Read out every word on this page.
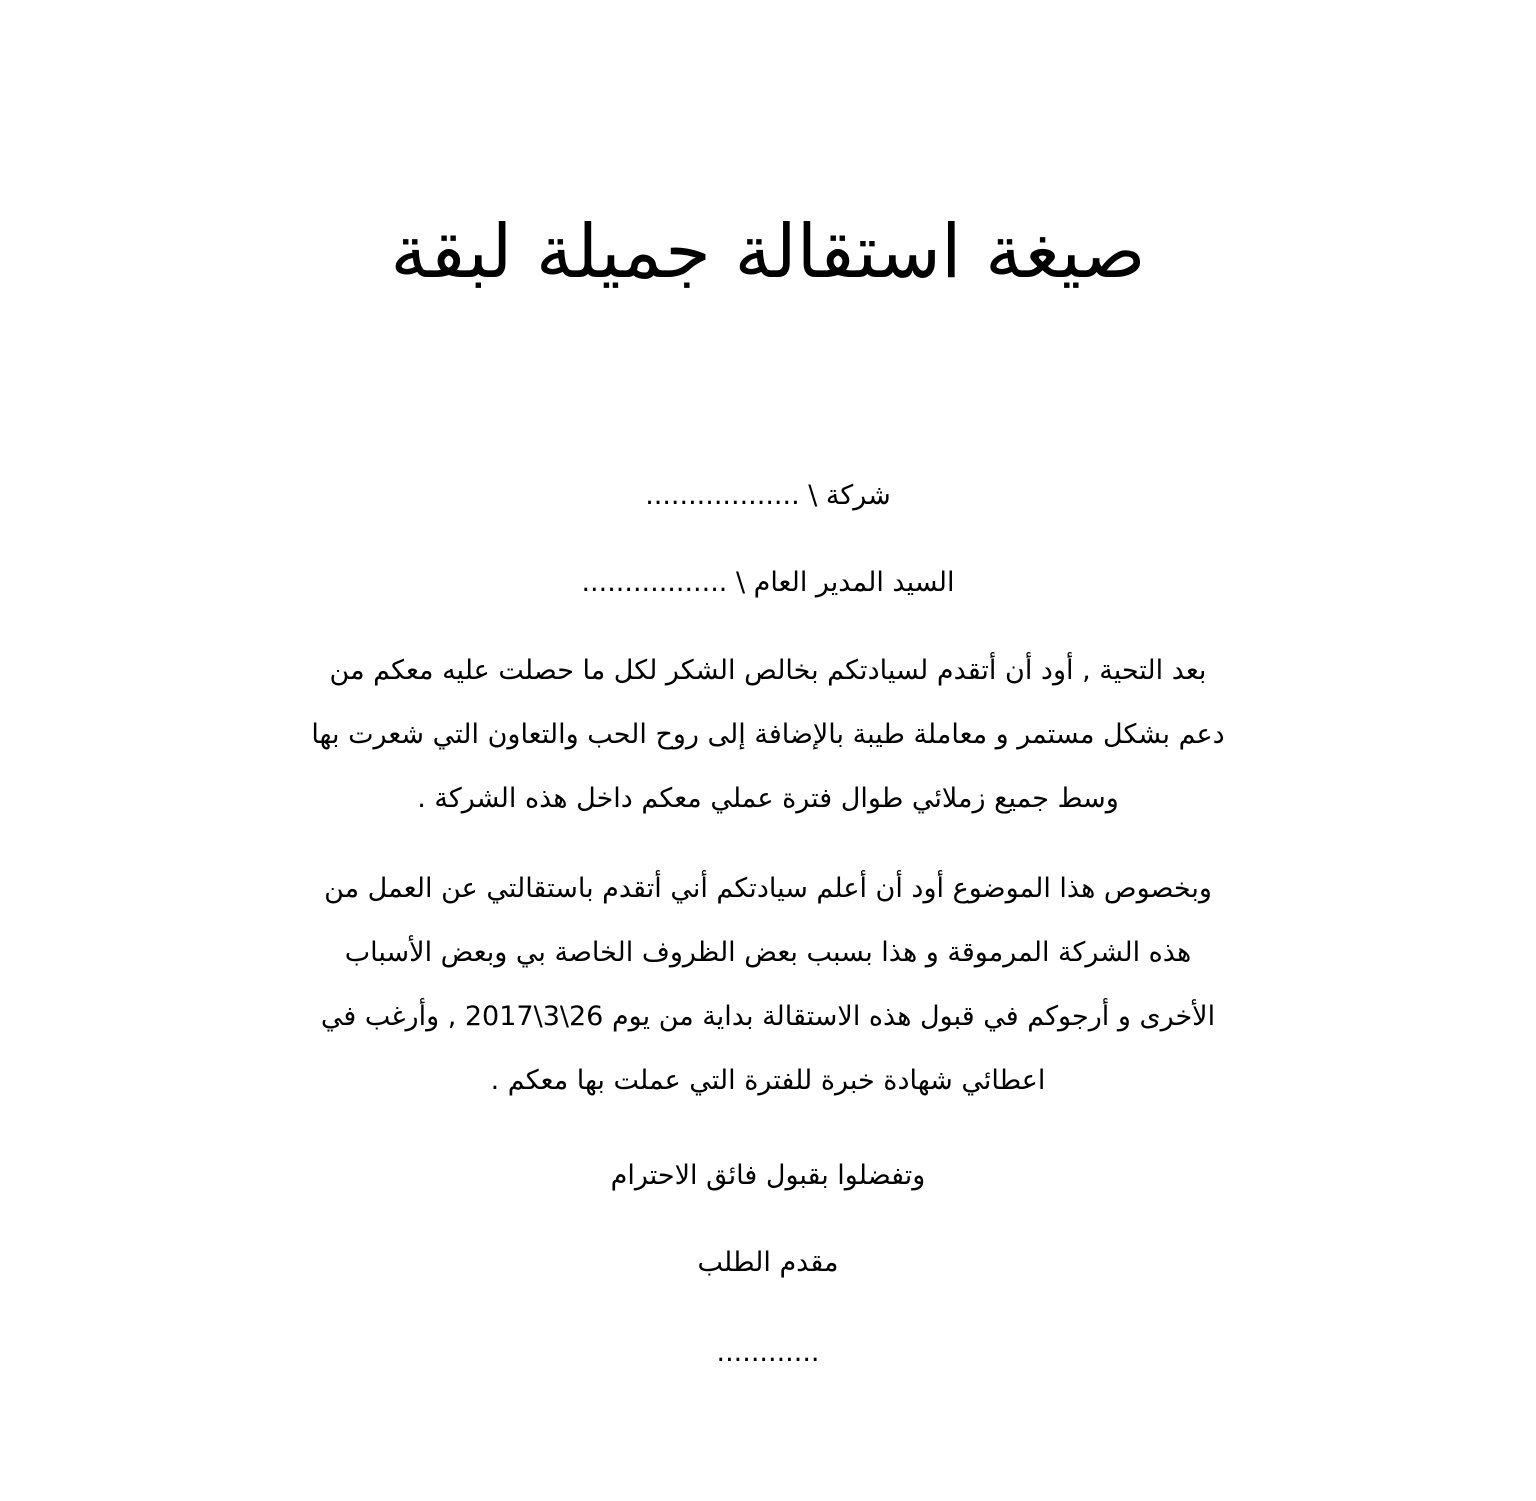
صيغة استقالة جميلة لبقة

شركة \ ..................

السيد المدير العام \ .................

بعد التحية , أود أن أتقدم لسيادتكم بخالص الشكر لكل ما حصلت عليه معكم من
دعم بشكل مستمر و معاملة طيبة بالإضافة إلى روح الحب والتعاون التي شعرت بها
وسط جميع زملائي طوال فترة عملي معكم داخل هذه الشركة .
وبخصوص هذا الموضوع أود أن أعلم سيادتكم أني أتقدم باستقالتي عن العمل من
هذه الشركة المرموقة و هذا بسبب بعض الظروف الخاصة بي وبعض الأسباب
الأخرى و أرجوكم في قبول هذه الاستقالة بداية من يوم 26\3\2017 , وأرغب في
اعطائي شهادة خبرة للفترة التي عملت بها معكم .

وتفضلوا بقبول فائق الاحترام

مقدم الطلب

............
